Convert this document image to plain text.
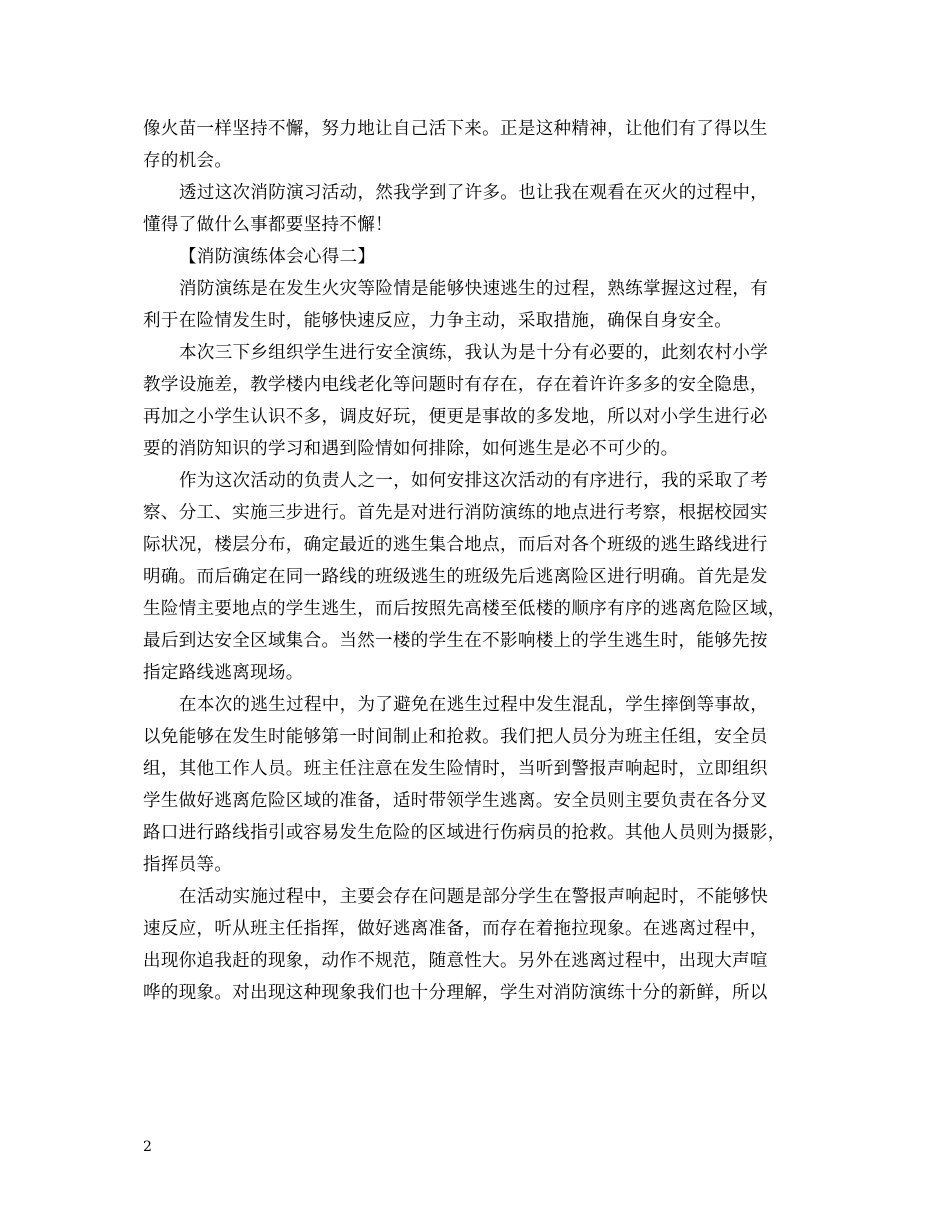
像火苗一样坚持不懈，努力地让自己活下来。正是这种精神，让他们有了得以生
存的机会。
透过这次消防演习活动，然我学到了许多。也让我在观看在灭火的过程中，
懂得了做什么事都要坚持不懈！
【消防演练体会心得二】
消防演练是在发生火灾等险情是能够快速逃生的过程，熟练掌握这过程，有
利于在险情发生时，能够快速反应，力争主动，采取措施，确保自身安全。
本次三下乡组织学生进行安全演练，我认为是十分有必要的，此刻农村小学
教学设施差，教学楼内电线老化等问题时有存在，存在着许许多多的安全隐患，
再加之小学生认识不多，调皮好玩，便更是事故的多发地，所以对小学生进行必
要的消防知识的学习和遇到险情如何排除，如何逃生是必不可少的。
作为这次活动的负责人之一，如何安排这次活动的有序进行，我的采取了考
察、分工、实施三步进行。首先是对进行消防演练的地点进行考察，根据校园实
际状况，楼层分布，确定最近的逃生集合地点，而后对各个班级的逃生路线进行
明确。而后确定在同一路线的班级逃生的班级先后逃离险区进行明确。首先是发
生险情主要地点的学生逃生，而后按照先高楼至低楼的顺序有序的逃离危险区域，
最后到达安全区域集合。当然一楼的学生在不影响楼上的学生逃生时，能够先按
指定路线逃离现场。
在本次的逃生过程中，为了避免在逃生过程中发生混乱，学生摔倒等事故，
以免能够在发生时能够第一时间制止和抢救。我们把人员分为班主任组，安全员
组，其他工作人员。班主任注意在发生险情时，当听到警报声响起时，立即组织
学生做好逃离危险区域的准备，适时带领学生逃离。安全员则主要负责在各分叉
路口进行路线指引或容易发生危险的区域进行伤病员的抢救。其他人员则为摄影，
指挥员等。
在活动实施过程中，主要会存在问题是部分学生在警报声响起时，不能够快
速反应，听从班主任指挥，做好逃离准备，而存在着拖拉现象。在逃离过程中，
出现你追我赶的现象，动作不规范，随意性大。另外在逃离过程中，出现大声喧
哗的现象。对出现这种现象我们也十分理解，学生对消防演练十分的新鲜，所以
2
